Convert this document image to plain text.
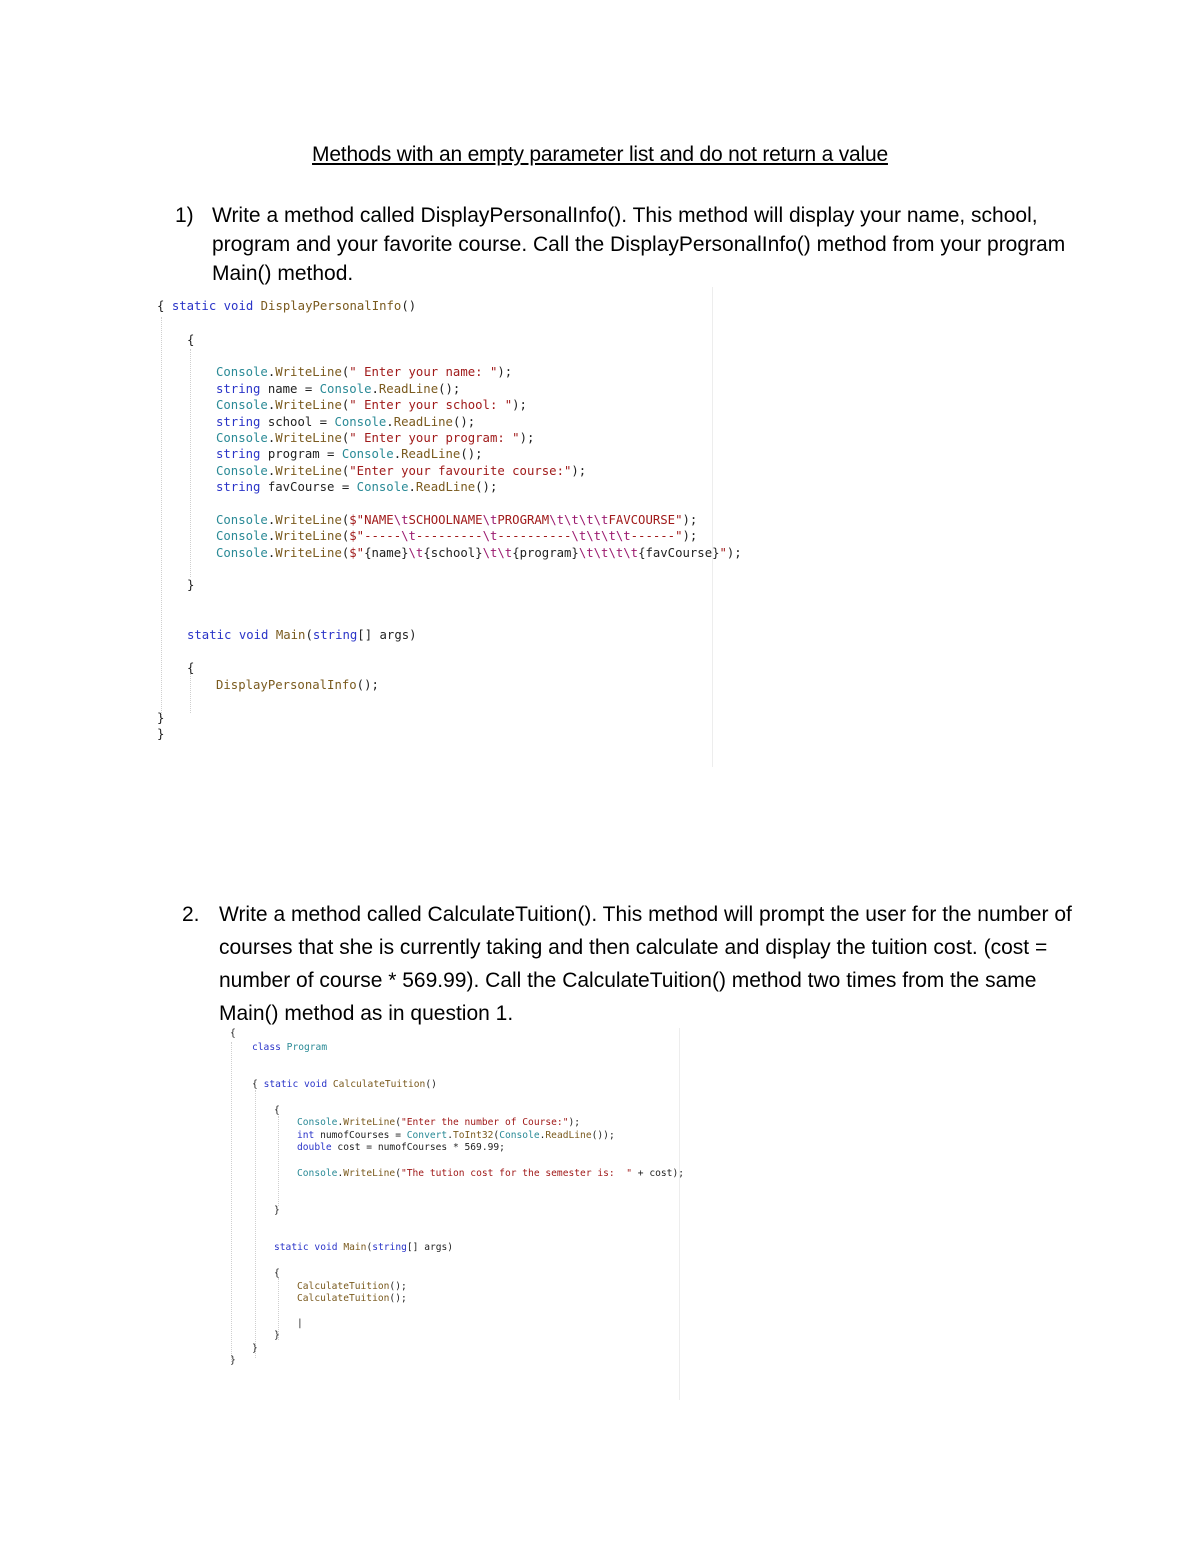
Methods with an empty parameter list and do not return a value
1) Write a method called DisplayPersonalInfo(). This method will display your name, school, program and your favorite course. Call the DisplayPersonalInfo() method from your program Main() method.

{ static void DisplayPersonalInfo()

{

Console.WriteLine(" Enter your name: ");

string name = Console.ReadLine();

Console.WriteLine(" Enter your school: ");

string school = Console.ReadLine();

Console.WriteLine(" Enter your program: ");

string program = Console.ReadLine();

Console.WriteLine("Enter your favourite course:");

string favCourse = Console.ReadLine();

Console.WriteLine($"NAME\tSCHOOLNAME\tPROGRAM\t\t\t\tFAVCOURSE");

Console.WriteLine($"-----\t---------\t----------\t\t\t\t------");

Console.WriteLine($"{name}\t{school}\t\t{program}\t\t\t\t{favCourse}");

}

static void Main(string[] args)

{

DisplayPersonalInfo();

}

}

2. Write a method called CalculateTuition(). This method will prompt the user for the number of courses that she is currently taking and then calculate and display the tuition cost. (cost = number of course * 569.99). Call the CalculateTuition() method two times from the same Main() method as in question 1.

{

class Program

{ static void CalculateTuition()

{

Console.WriteLine("Enter the number of Course:");

int numofCourses = Convert.ToInt32(Console.ReadLine());

double cost = numofCourses * 569.99;

Console.WriteLine("The tution cost for the semester is:  " + cost);

}

static void Main(string[] args)

{

CalculateTuition();

CalculateTuition();

|

}

}

}
